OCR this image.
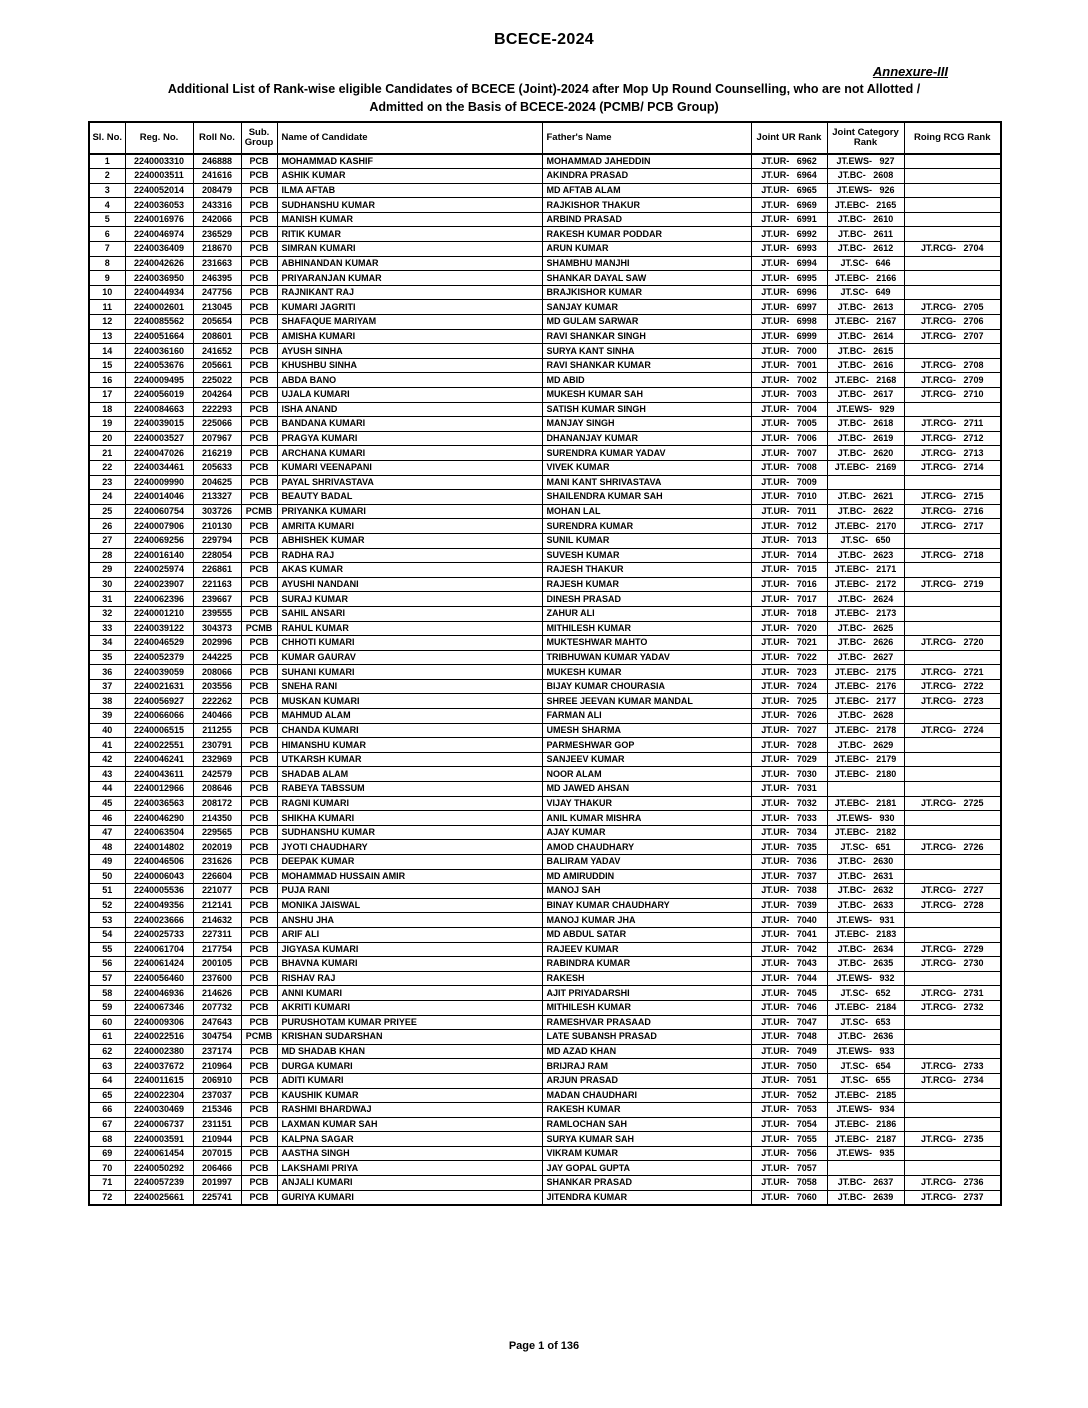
BCECE-2024
Annexure-III
Additional List of Rank-wise eligible Candidates of BCECE (Joint)-2024 after Mop Up Round Counselling, who are not Allotted /
Admitted on the Basis of BCECE-2024 (PCMB/ PCB Group)
Sl. No.	Reg. No.	Roll No.	Sub. Group	Name of Candidate	Father's Name	Joint UR Rank	Joint Category Rank	Roing RCG Rank
1	2240003310	246888	PCB	MOHAMMAD KASHIF	MOHAMMAD JAHEDDIN	JT.UR- 6962	JT.EWS- 927	
2	2240003511	241616	PCB	ASHIK KUMAR	AKINDRA PRASAD	JT.UR- 6964	JT.BC- 2608	
3	2240052014	208479	PCB	ILMA AFTAB	MD AFTAB ALAM	JT.UR- 6965	JT.EWS- 926	
4	2240036053	243316	PCB	SUDHANSHU KUMAR	RAJKISHOR THAKUR	JT.UR- 6969	JT.EBC- 2165	
5	2240016976	242066	PCB	MANISH KUMAR	ARBIND PRASAD	JT.UR- 6991	JT.BC- 2610	
6	2240046974	236529	PCB	RITIK KUMAR	RAKESH KUMAR PODDAR	JT.UR- 6992	JT.BC- 2611	
7	2240036409	218670	PCB	SIMRAN KUMARI	ARUN KUMAR	JT.UR- 6993	JT.BC- 2612	JT.RCG- 2704
8	2240042626	231663	PCB	ABHINANDAN KUMAR	SHAMBHU MANJHI	JT.UR- 6994	JT.SC- 646	
9	2240036950	246395	PCB	PRIYARANJAN KUMAR	SHANKAR DAYAL SAW	JT.UR- 6995	JT.EBC- 2166	
10	2240044934	247756	PCB	RAJNIKANT RAJ	BRAJKISHOR KUMAR	JT.UR- 6996	JT.SC- 649	
11	2240002601	213045	PCB	KUMARI JAGRITI	SANJAY KUMAR	JT.UR- 6997	JT.BC- 2613	JT.RCG- 2705
12	2240085562	205654	PCB	SHAFAQUE MARIYAM	MD GULAM SARWAR	JT.UR- 6998	JT.EBC- 2167	JT.RCG- 2706
13	2240051664	208601	PCB	AMISHA KUMARI	RAVI SHANKAR SINGH	JT.UR- 6999	JT.BC- 2614	JT.RCG- 2707
14	2240036160	241652	PCB	AYUSH SINHA	SURYA KANT SINHA	JT.UR- 7000	JT.BC- 2615	
15	2240053676	205661	PCB	KHUSHBU SINHA	RAVI SHANKAR KUMAR	JT.UR- 7001	JT.BC- 2616	JT.RCG- 2708
16	2240009495	225022	PCB	ABDA BANO	MD ABID	JT.UR- 7002	JT.EBC- 2168	JT.RCG- 2709
17	2240056019	204264	PCB	UJALA KUMARI	MUKESH KUMAR SAH	JT.UR- 7003	JT.BC- 2617	JT.RCG- 2710
18	2240084663	222293	PCB	ISHA ANAND	SATISH KUMAR SINGH	JT.UR- 7004	JT.EWS- 929	
19	2240039015	225066	PCB	BANDANA KUMARI	MANJAY SINGH	JT.UR- 7005	JT.BC- 2618	JT.RCG- 2711
20	2240003527	207967	PCB	PRAGYA KUMARI	DHANANJAY KUMAR	JT.UR- 7006	JT.BC- 2619	JT.RCG- 2712
21	2240047026	216219	PCB	ARCHANA KUMARI	SURENDRA KUMAR YADAV	JT.UR- 7007	JT.BC- 2620	JT.RCG- 2713
22	2240034461	205633	PCB	KUMARI VEENAPANI	VIVEK KUMAR	JT.UR- 7008	JT.EBC- 2169	JT.RCG- 2714
23	2240009990	204625	PCB	PAYAL SHRIVASTAVA	MANI KANT SHRIVASTAVA	JT.UR- 7009		
24	2240014046	213327	PCB	BEAUTY BADAL	SHAILENDRA KUMAR SAH	JT.UR- 7010	JT.BC- 2621	JT.RCG- 2715
25	2240060754	303726	PCMB	PRIYANKA KUMARI	MOHAN LAL	JT.UR- 7011	JT.BC- 2622	JT.RCG- 2716
26	2240007906	210130	PCB	AMRITA KUMARI	SURENDRA KUMAR	JT.UR- 7012	JT.EBC- 2170	JT.RCG- 2717
27	2240069256	229794	PCB	ABHISHEK KUMAR	SUNIL KUMAR	JT.UR- 7013	JT.SC- 650	
28	2240016140	228054	PCB	RADHA RAJ	SUVESH KUMAR	JT.UR- 7014	JT.BC- 2623	JT.RCG- 2718
29	2240025974	226861	PCB	AKAS KUMAR	RAJESH THAKUR	JT.UR- 7015	JT.EBC- 2171	
30	2240023907	221163	PCB	AYUSHI NANDANI	RAJESH KUMAR	JT.UR- 7016	JT.EBC- 2172	JT.RCG- 2719
31	2240062396	239667	PCB	SURAJ KUMAR	DINESH PRASAD	JT.UR- 7017	JT.BC- 2624	
32	2240001210	239555	PCB	SAHIL ANSARI	ZAHUR ALI	JT.UR- 7018	JT.EBC- 2173	
33	2240039122	304373	PCMB	RAHUL KUMAR	MITHILESH KUMAR	JT.UR- 7020	JT.BC- 2625	
34	2240046529	202996	PCB	CHHOTI KUMARI	MUKTESHWAR MAHTO	JT.UR- 7021	JT.BC- 2626	JT.RCG- 2720
35	2240052379	244225	PCB	KUMAR GAURAV	TRIBHUWAN KUMAR YADAV	JT.UR- 7022	JT.BC- 2627	
36	2240039059	208066	PCB	SUHANI KUMARI	MUKESH KUMAR	JT.UR- 7023	JT.EBC- 2175	JT.RCG- 2721
37	2240021631	203556	PCB	SNEHA RANI	BIJAY KUMAR CHOURASIA	JT.UR- 7024	JT.EBC- 2176	JT.RCG- 2722
38	2240056927	222262	PCB	MUSKAN KUMARI	SHREE JEEVAN KUMAR MANDAL	JT.UR- 7025	JT.EBC- 2177	JT.RCG- 2723
39	2240066066	240466	PCB	MAHMUD ALAM	FARMAN ALI	JT.UR- 7026	JT.BC- 2628	
40	2240006515	211255	PCB	CHANDA KUMARI	UMESH SHARMA	JT.UR- 7027	JT.EBC- 2178	JT.RCG- 2724
41	2240022551	230791	PCB	HIMANSHU KUMAR	PARMESHWAR GOP	JT.UR- 7028	JT.BC- 2629	
42	2240046241	232969	PCB	UTKARSH KUMAR	SANJEEV KUMAR	JT.UR- 7029	JT.EBC- 2179	
43	2240043611	242579	PCB	SHADAB ALAM	NOOR ALAM	JT.UR- 7030	JT.EBC- 2180	
44	2240012966	208646	PCB	RABEYA TABSSUM	MD JAWED AHSAN	JT.UR- 7031		
45	2240036563	208172	PCB	RAGNI KUMARI	VIJAY THAKUR	JT.UR- 7032	JT.EBC- 2181	JT.RCG- 2725
46	2240046290	214350	PCB	SHIKHA KUMARI	ANIL KUMAR MISHRA	JT.UR- 7033	JT.EWS- 930	
47	2240063504	229565	PCB	SUDHANSHU KUMAR	AJAY KUMAR	JT.UR- 7034	JT.EBC- 2182	
48	2240014802	202019	PCB	JYOTI CHAUDHARY	AMOD CHAUDHARY	JT.UR- 7035	JT.SC- 651	JT.RCG- 2726
49	2240046506	231626	PCB	DEEPAK KUMAR	BALIRAM YADAV	JT.UR- 7036	JT.BC- 2630	
50	2240006043	226604	PCB	MOHAMMAD HUSSAIN AMIR	MD AMIRUDDIN	JT.UR- 7037	JT.BC- 2631	
51	2240005536	221077	PCB	PUJA RANI	MANOJ SAH	JT.UR- 7038	JT.BC- 2632	JT.RCG- 2727
52	2240049356	212141	PCB	MONIKA JAISWAL	BINAY KUMAR CHAUDHARY	JT.UR- 7039	JT.BC- 2633	JT.RCG- 2728
53	2240023666	214632	PCB	ANSHU JHA	MANOJ KUMAR JHA	JT.UR- 7040	JT.EWS- 931	
54	2240025733	227311	PCB	ARIF ALI	MD ABDUL SATAR	JT.UR- 7041	JT.EBC- 2183	
55	2240061704	217754	PCB	JIGYASA KUMARI	RAJEEV KUMAR	JT.UR- 7042	JT.BC- 2634	JT.RCG- 2729
56	2240061424	200105	PCB	BHAVNA KUMARI	RABINDRA KUMAR	JT.UR- 7043	JT.BC- 2635	JT.RCG- 2730
57	2240056460	237600	PCB	RISHAV RAJ	RAKESH	JT.UR- 7044	JT.EWS- 932	
58	2240046936	214626	PCB	ANNI KUMARI	AJIT PRIYADARSHI	JT.UR- 7045	JT.SC- 652	JT.RCG- 2731
59	2240067346	207732	PCB	AKRITI KUMARI	MITHILESH KUMAR	JT.UR- 7046	JT.EBC- 2184	JT.RCG- 2732
60	2240009306	247643	PCB	PURUSHOTAM KUMAR PRIYEE	RAMESHVAR PRASAAD	JT.UR- 7047	JT.SC- 653	
61	2240022516	304754	PCMB	KRISHAN SUDARSHAN	LATE SUBANSH PRASAD	JT.UR- 7048	JT.BC- 2636	
62	2240002380	237174	PCB	MD SHADAB KHAN	MD AZAD KHAN	JT.UR- 7049	JT.EWS- 933	
63	2240037672	210964	PCB	DURGA KUMARI	BRIJRAJ RAM	JT.UR- 7050	JT.SC- 654	JT.RCG- 2733
64	2240011615	206910	PCB	ADITI KUMARI	ARJUN PRASAD	JT.UR- 7051	JT.SC- 655	JT.RCG- 2734
65	2240022304	237037	PCB	KAUSHIK KUMAR	MADAN CHAUDHARI	JT.UR- 7052	JT.EBC- 2185	
66	2240030469	215346	PCB	RASHMI BHARDWAJ	RAKESH KUMAR	JT.UR- 7053	JT.EWS- 934	
67	2240006737	231151	PCB	LAXMAN KUMAR SAH	RAMLOCHAN SAH	JT.UR- 7054	JT.EBC- 2186	
68	2240003591	210944	PCB	KALPNA SAGAR	SURYA KUMAR SAH	JT.UR- 7055	JT.EBC- 2187	JT.RCG- 2735
69	2240061454	207015	PCB	AASTHA SINGH	VIKRAM KUMAR	JT.UR- 7056	JT.EWS- 935	
70	2240050292	206466	PCB	LAKSHAMI PRIYA	JAY GOPAL GUPTA	JT.UR- 7057		
71	2240057239	201997	PCB	ANJALI KUMARI	SHANKAR PRASAD	JT.UR- 7058	JT.BC- 2637	JT.RCG- 2736
72	2240025661	225741	PCB	GURIYA KUMARI	JITENDRA KUMAR	JT.UR- 7060	JT.BC- 2639	JT.RCG- 2737
Page 1 of 136
